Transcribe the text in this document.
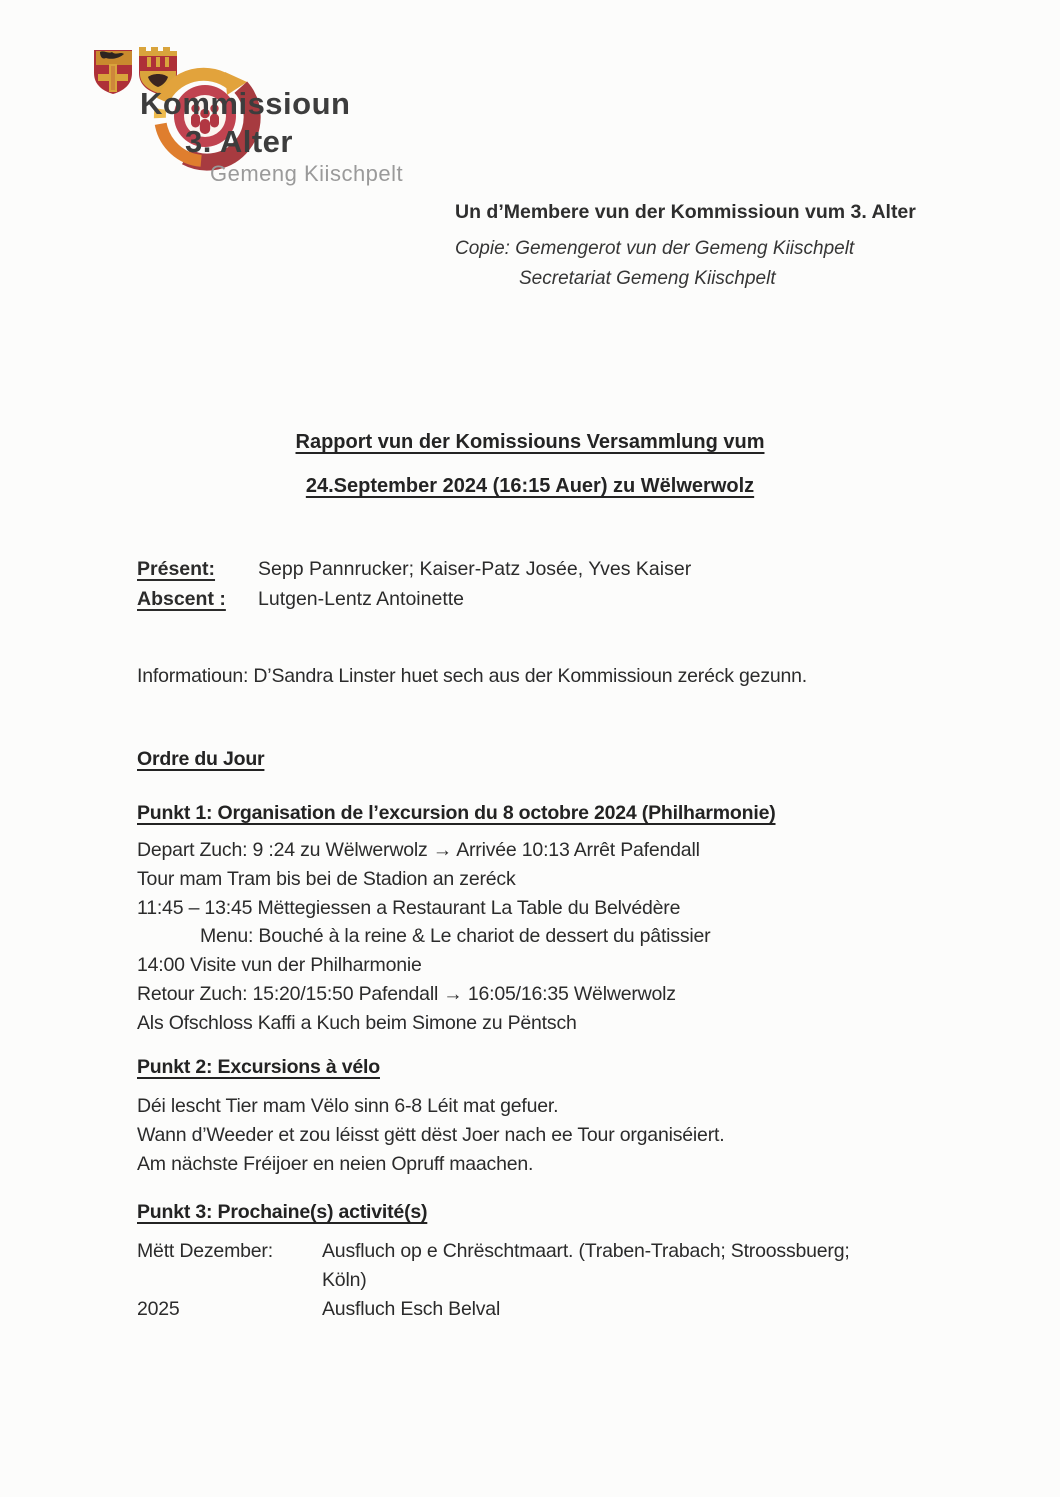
Kommissioun
3. Alter
Gemeng Kiischpelt
Un d’Membere vun der Kommissioun vum 3. Alter
Copie: Gemengerot vun der Gemeng Kiischpelt
Secretariat Gemeng Kiischpelt
Rapport vun der Komissiouns Versammlung vum
24.September 2024 (16:15 Auer) zu Wëlwerwolz
Présent:	Sepp Pannrucker; Kaiser-Patz Josée, Yves Kaiser
Abscent :	Lutgen-Lentz Antoinette
Informatioun: D’Sandra Linster huet sech aus der Kommissioun zeréck gezunn.
Ordre du Jour
Punkt 1: Organisation de l’excursion du 8 octobre 2024 (Philharmonie)
Depart Zuch: 9 :24 zu Wëlwerwolz → Arrivée 10:13 Arrêt Pafendall
Tour mam Tram bis bei de Stadion an zeréck
11:45 – 13:45 Mëttegiessen a Restaurant La Table du Belvédère
Menu: Bouché à la reine & Le chariot de dessert du pâtissier
14:00 Visite vun der Philharmonie
Retour Zuch: 15:20/15:50 Pafendall → 16:05/16:35 Wëlwerwolz
Als Ofschloss Kaffi a Kuch beim Simone zu Pëntsch
Punkt 2: Excursions à vélo
Déi lescht Tier mam Vëlo sinn 6-8 Léit mat gefuer.
Wann d’Weeder et zou léisst gëtt dëst Joer nach ee Tour organiséiert.
Am nächste Fréijoer en neien Opruff maachen.
Punkt 3: Prochaine(s) activité(s)
Mëtt Dezember:	Ausfluch op e Chrëschtmaart. (Traben-Trabach; Stroossbuerg;
Köln)
2025	Ausfluch Esch Belval
